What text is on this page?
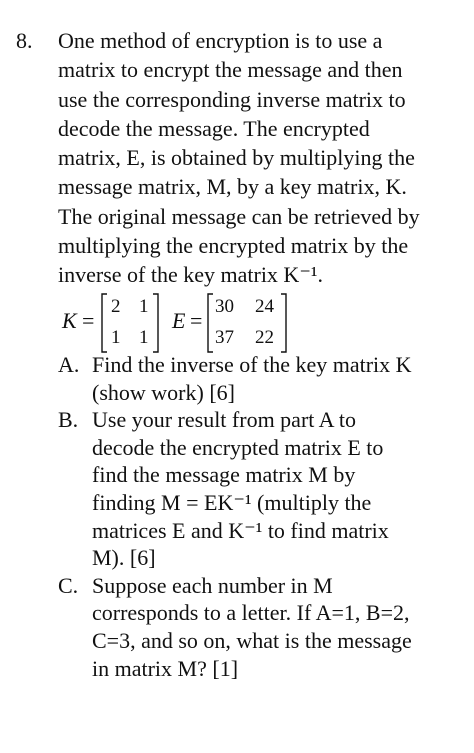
8. One method of encryption is to use a
matrix to encrypt the message and then
use the corresponding inverse matrix to
decode the message. The encrypted
matrix, E, is obtained by multiplying the
message matrix, M, by a key matrix, K.
The original message can be retrieved by
multiplying the encrypted matrix by the
inverse of the key matrix K⁻¹.
K =
2 1
1 1
E =
30 24
37 22
A. Find the inverse of the key matrix K
(show work) [6]
B. Use your result from part A to
decode the encrypted matrix E to
find the message matrix M by
finding M = EK⁻¹ (multiply the
matrices E and K⁻¹ to find matrix
M). [6]
C. Suppose each number in M
corresponds to a letter. If A=1, B=2,
C=3, and so on, what is the message
in matrix M? [1]
